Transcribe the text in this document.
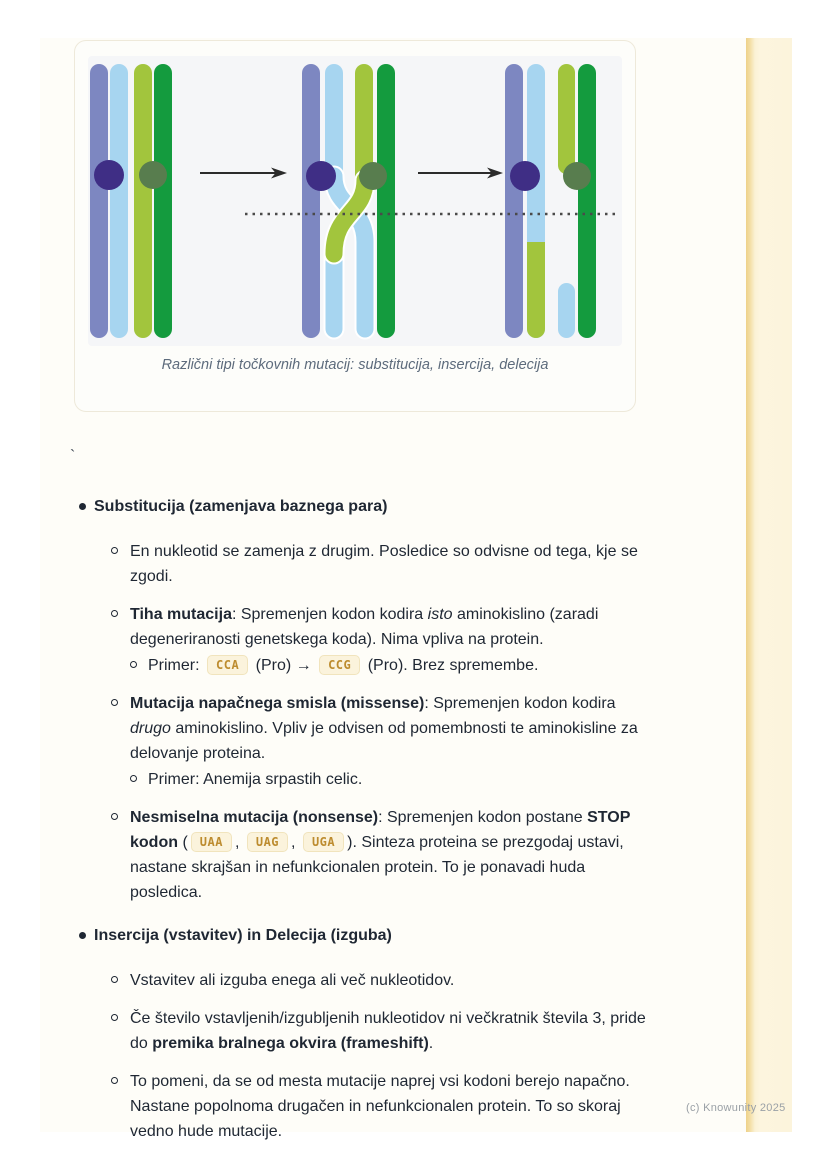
Različni tipi točkovnih mutacij: substitucija, insercija, delecija
`

Substitucija (zamenjava baznega para)

En nukleotid se zamenja z drugim. Posledice so odvisne od tega, kje se zgodi.

Tiha mutacija: Spremenjen kodon kodira isto aminokislino (zaradi degeneriranosti genetskega koda). Nima vpliva na protein.

Primer: CCA (Pro) → CCG (Pro). Brez spremembe.

Mutacija napačnega smisla (missense): Spremenjen kodon kodira drugo aminokislino. Vpliv je odvisen od pomembnosti te aminokisline za delovanje proteina.

Primer: Anemija srpastih celic.

Nesmiselna mutacija (nonsense): Spremenjen kodon postane STOP kodon ( UAA , UAG , UGA ). Sinteza proteina se prezgodaj ustavi, nastane skrajšan in nefunkcionalen protein. To je ponavadi huda posledica.

Insercija (vstavitev) in Delecija (izguba)

Vstavitev ali izguba enega ali več nukleotidov.

Če število vstavljenih/izgubljenih nukleotidov ni večkratnik števila 3, pride do premika bralnega okvira (frameshift).

To pomeni, da se od mesta mutacije naprej vsi kodoni berejo napačno. Nastane popolnoma drugačen in nefunkcionalen protein. To so skoraj vedno hude mutacije.

(c) Knowunity 2025
